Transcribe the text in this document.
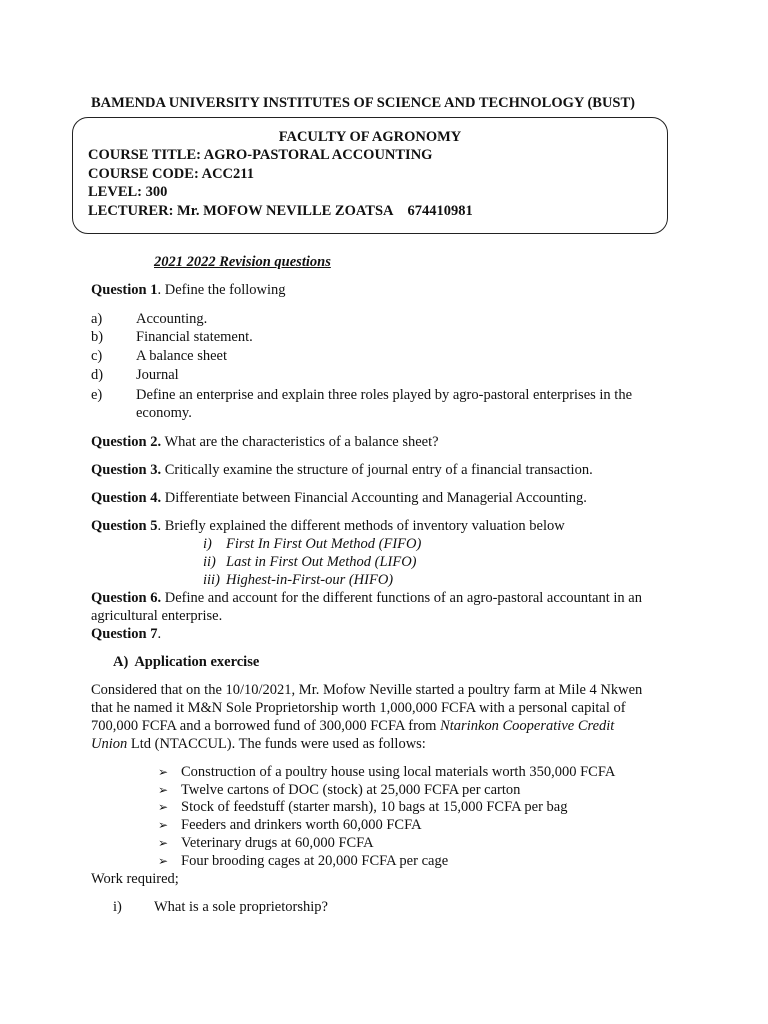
BAMENDA UNIVERSITY INSTITUTES OF SCIENCE AND TECHNOLOGY (BUST)
FACULTY OF AGRONOMY
COURSE TITLE: AGRO-PASTORAL ACCOUNTING
COURSE CODE: ACC211
LEVEL: 300
LECTURER: Mr. MOFOW NEVILLE ZOATSA 674410981
2021 2022 Revision questions
Question 1. Define the following
a) Accounting.
b) Financial statement.
c) A balance sheet
d) Journal
e) Define an enterprise and explain three roles played by agro-pastoral enterprises in the
economy.
Question 2. What are the characteristics of a balance sheet?
Question 3. Critically examine the structure of journal entry of a financial transaction.
Question 4. Differentiate between Financial Accounting and Managerial Accounting.
Question 5. Briefly explained the different methods of inventory valuation below
i) First In First Out Method (FIFO)
ii) Last in First Out Method (LIFO)
iii) Highest-in-First-our (HIFO)
Question 6. Define and account for the different functions of an agro-pastoral accountant in an
agricultural enterprise.
Question 7.
A) Application exercise
Considered that on the 10/10/2021, Mr. Mofow Neville started a poultry farm at Mile 4 Nkwen
that he named it M&N Sole Proprietorship worth 1,000,000 FCFA with a personal capital of
700,000 FCFA and a borrowed fund of 300,000 FCFA from Ntarinkon Cooperative Credit
Union Ltd (NTACCUL). The funds were used as follows:
➢ Construction of a poultry house using local materials worth 350,000 FCFA
➢ Twelve cartons of DOC (stock) at 25,000 FCFA per carton
➢ Stock of feedstuff (starter marsh), 10 bags at 15,000 FCFA per bag
➢ Feeders and drinkers worth 60,000 FCFA
➢ Veterinary drugs at 60,000 FCFA
➢ Four brooding cages at 20,000 FCFA per cage
Work required;
i) What is a sole proprietorship?
